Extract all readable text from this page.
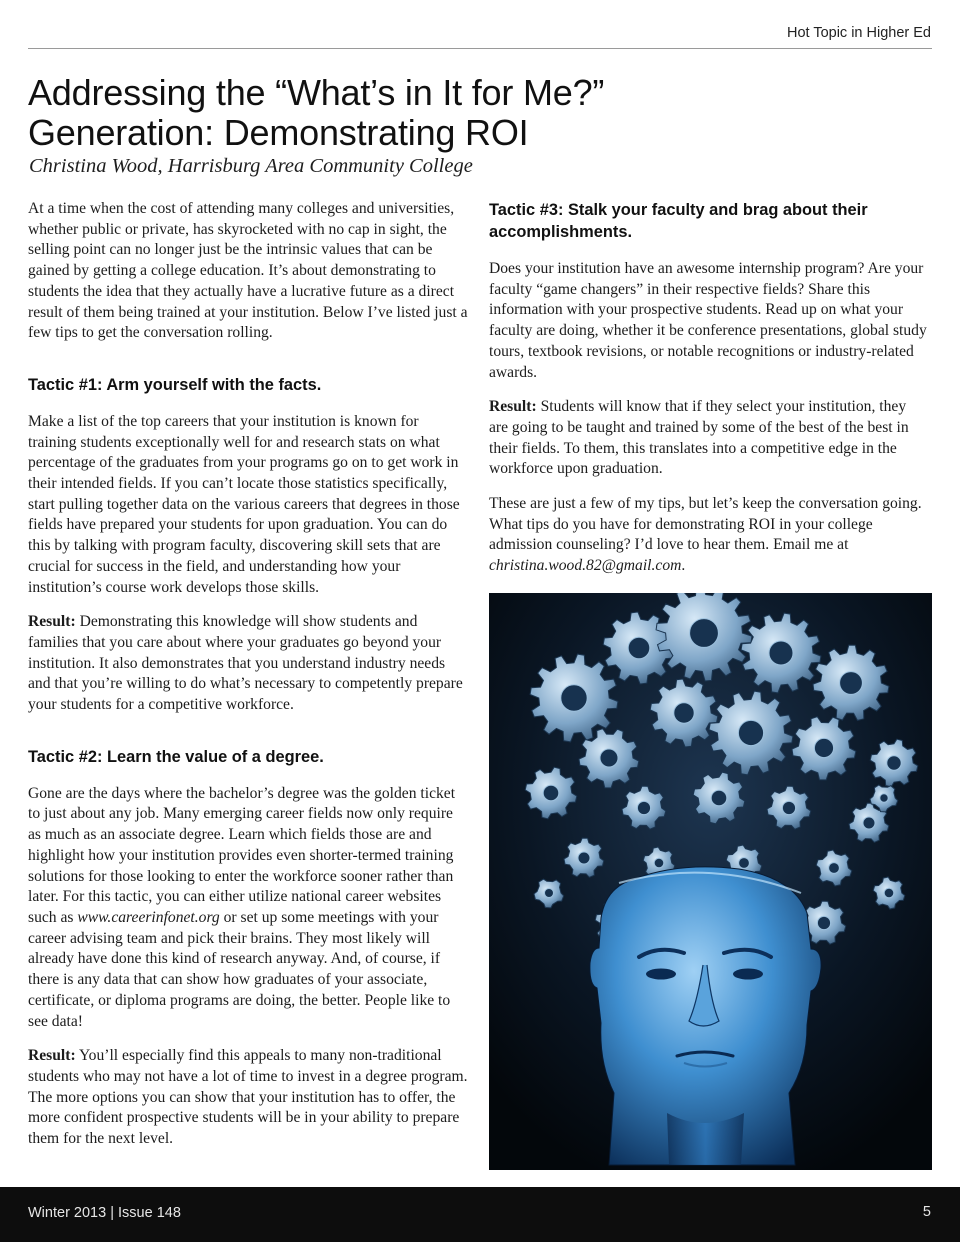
Hot Topic in Higher Ed
Addressing the “What’s in It for Me?”
Generation: Demonstrating ROI
Christina Wood, Harrisburg Area Community College

At a time when the cost of attending many colleges and universities, whether public or private, has skyrocketed with no cap in sight, the selling point can no longer just be the intrinsic values that can be gained by getting a college education. It’s about demonstrating to students the idea that they actually have a lucrative future as a direct result of them being trained at your institution. Below I’ve listed just a few tips to get the conversation rolling.

Tactic #1: Arm yourself with the facts.

Make a list of the top careers that your institution is known for training students exceptionally well for and research stats on what percentage of the graduates from your programs go on to get work in their intended fields. If you can’t locate those statistics specifically, start pulling together data on the various careers that degrees in those fields have prepared your students for upon graduation. You can do this by talking with program faculty, discovering skill sets that are crucial for success in the field, and understanding how your institution’s course work develops those skills.

Result: Demonstrating this knowledge will show students and families that you care about where your graduates go beyond your institution. It also demonstrates that you understand industry needs and that you’re willing to do what’s necessary to competently prepare your students for a competitive workforce.

Tactic #2: Learn the value of a degree.

Gone are the days where the bachelor’s degree was the golden ticket to just about any job. Many emerging career fields now only require as much as an associate degree. Learn which fields those are and highlight how your institution provides even shorter-termed training solutions for those looking to enter the workforce sooner rather than later. For this tactic, you can either utilize national career websites such as www.careerinfonet.org or set up some meetings with your career advising team and pick their brains. They most likely will already have done this kind of research anyway. And, of course, if there is any data that can show how graduates of your associate, certificate, or diploma programs are doing, the better. People like to see data!

Result: You’ll especially find this appeals to many non-traditional students who may not have a lot of time to invest in a degree program. The more options you can show that your institution has to offer, the more confident prospective students will be in your ability to prepare them for the next level.

Tactic #3: Stalk your faculty and brag about their accomplishments.

Does your institution have an awesome internship program? Are your faculty “game changers” in their respective fields? Share this information with your prospective students. Read up on what your faculty are doing, whether it be conference presentations, global study tours, textbook revisions, or notable recognitions or industry-related awards.

Result: Students will know that if they select your institution, they are going to be taught and trained by some of the best of the best in their fields. To them, this translates into a competitive edge in the workforce upon graduation.

These are just a few of my tips, but let’s keep the conversation going. What tips do you have for demonstrating ROI in your college admission counseling? I’d love to hear them. Email me at christina.wood.82@gmail.com.

Winter 2013 | Issue 148	5
